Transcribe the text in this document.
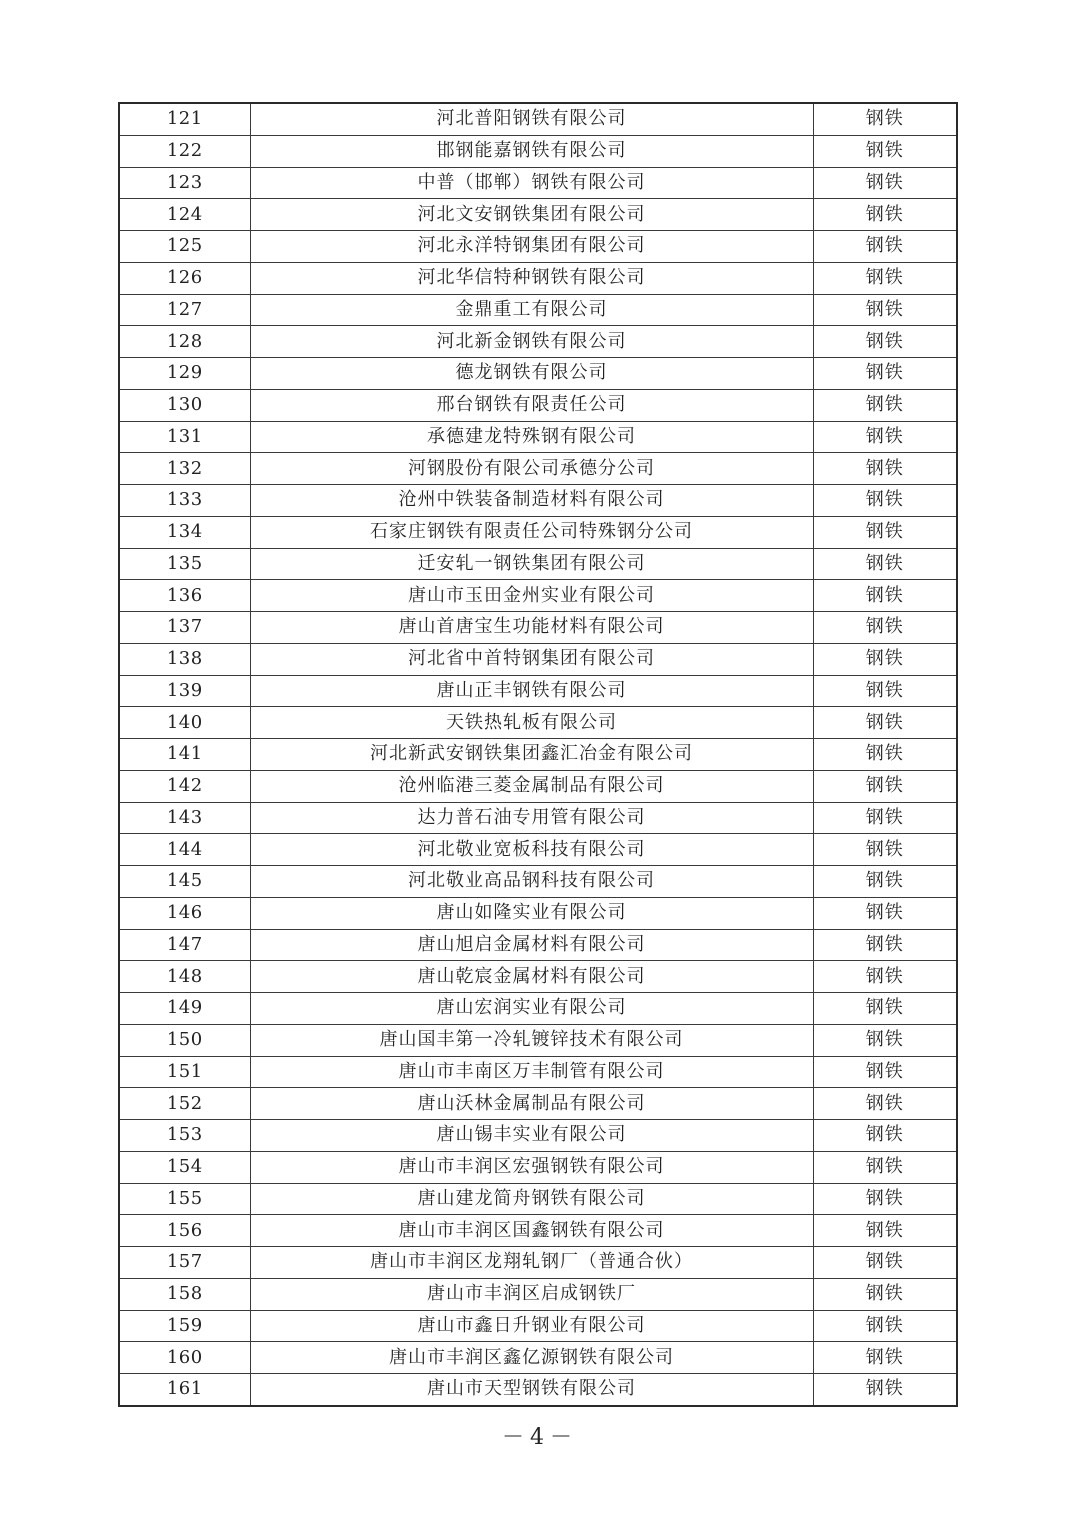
121	河北普阳钢铁有限公司	钢铁
122	邯钢能嘉钢铁有限公司	钢铁
123	中普（邯郸）钢铁有限公司	钢铁
124	河北文安钢铁集团有限公司	钢铁
125	河北永洋特钢集团有限公司	钢铁
126	河北华信特种钢铁有限公司	钢铁
127	金鼎重工有限公司	钢铁
128	河北新金钢铁有限公司	钢铁
129	德龙钢铁有限公司	钢铁
130	邢台钢铁有限责任公司	钢铁
131	承德建龙特殊钢有限公司	钢铁
132	河钢股份有限公司承德分公司	钢铁
133	沧州中铁装备制造材料有限公司	钢铁
134	石家庄钢铁有限责任公司特殊钢分公司	钢铁
135	迁安轧一钢铁集团有限公司	钢铁
136	唐山市玉田金州实业有限公司	钢铁
137	唐山首唐宝生功能材料有限公司	钢铁
138	河北省中首特钢集团有限公司	钢铁
139	唐山正丰钢铁有限公司	钢铁
140	天铁热轧板有限公司	钢铁
141	河北新武安钢铁集团鑫汇冶金有限公司	钢铁
142	沧州临港三菱金属制品有限公司	钢铁
143	达力普石油专用管有限公司	钢铁
144	河北敬业宽板科技有限公司	钢铁
145	河北敬业高品钢科技有限公司	钢铁
146	唐山如隆实业有限公司	钢铁
147	唐山旭启金属材料有限公司	钢铁
148	唐山乾宸金属材料有限公司	钢铁
149	唐山宏润实业有限公司	钢铁
150	唐山国丰第一冷轧镀锌技术有限公司	钢铁
151	唐山市丰南区万丰制管有限公司	钢铁
152	唐山沃林金属制品有限公司	钢铁
153	唐山锡丰实业有限公司	钢铁
154	唐山市丰润区宏强钢铁有限公司	钢铁
155	唐山建龙简舟钢铁有限公司	钢铁
156	唐山市丰润区国鑫钢铁有限公司	钢铁
157	唐山市丰润区龙翔轧钢厂（普通合伙）	钢铁
158	唐山市丰润区启成钢铁厂	钢铁
159	唐山市鑫日升钢业有限公司	钢铁
160	唐山市丰润区鑫亿源钢铁有限公司	钢铁
161	唐山市天型钢铁有限公司	钢铁
－4－
